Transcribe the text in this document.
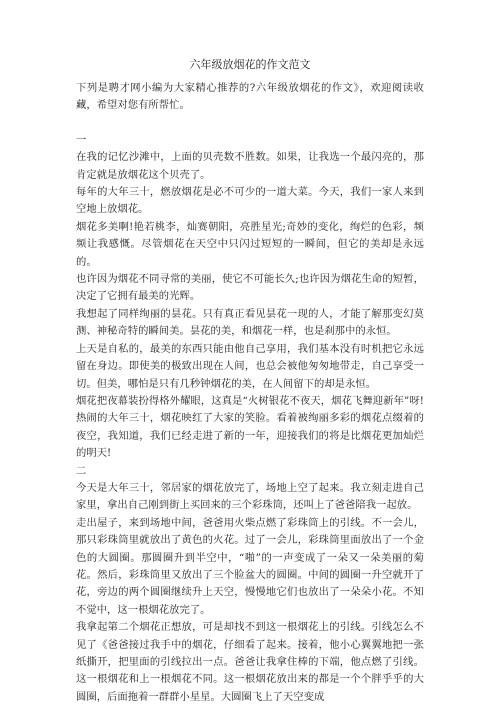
六年级放烟花的作文范文

下列是聘才网小编为大家精心推荐的?六年级放烟花的作文》，欢迎阅读收藏，希望对您有所帮忙。

一

在我的记忆沙滩中，上面的贝壳数不胜数。如果，让我选一个最闪亮的，那肯定就是放烟花这个贝壳了。

每年的大年三十，燃放烟花是必不可少的一道大菜。今天，我们一家人来到空地上放烟花。

烟花多美啊!艳若桃李，灿赛朝阳，亮胜星光;奇妙的变化，绚烂的色彩，频频让我感慨。尽管烟花在天空中只闪过短短的一瞬间，但它的美却是永远的。

也许因为烟花不同寻常的美丽，使它不可能长久;也许因为烟花生命的短暂，决定了它拥有最美的光辉。

我想起了同样绚丽的昙花。只有真正看见昙花一现的人，才能了解那变幻莫测、神秘奇特的瞬间美。昙花的美，和烟花一样，也是刹那中的永恒。

上天是自私的，最美的东西只能由他自己享用，我们基本没有时机把它永远留在身边。即使美的极致出现在人间，也总会被他匆匆地带走，自己享受一切。但美，哪怕是只有几秒钟烟花的美，在人间留下的却是永恒。

烟花把夜幕装扮得格外耀眼，这真是“火树银花不夜天，烟花飞舞迎新年”呀!热闹的大年三十，烟花映红了大家的笑脸。看着被绚丽多彩的烟花点缀着的夜空，我知道，我们已经走进了新的一年，迎接我们的将是比烟花更加灿烂的明天!

二

今天是大年三十，邻居家的烟花放完了，场地上空了起来。我立刻走进自己家里，拿出自己刚到街上买回来的三个彩珠筒，还叫上了爸爸陪我一起放。

走出屋子，来到场地中间，爸爸用火柴点燃了彩珠筒上的引线。不一会儿，那只彩珠筒里就放出了黄色的火花。过了一会儿，彩珠筒里面放出了一个金色的大圆圈。那圆圈升到半空中，“啪”的一声变成了一朵又一朵美丽的菊花。然后，彩珠筒里又放出了三个脸盆大的圆圈。中间的圆圈一升空就开了花，旁边的两个圆圈继续升上天空，慢慢地它们也放出了一朵朵小花。不知不觉中，这一根烟花放完了。

我拿起第二个烟花正想放，可是却找不到这一根烟花上的引线。引线怎么不见了《爸爸接过我手中的烟花，仔细看了起来。接着，他小心翼翼地把一张纸撕开，把里面的引线拉出一点。爸爸让我拿住棒的下端，他点燃了引线。这一根烟花和上一根烟花不同。这一根烟花放出来的都是一个个胖乎乎的大圆圈，后面拖着一群群小星星。大圆圈飞上了天空变成
